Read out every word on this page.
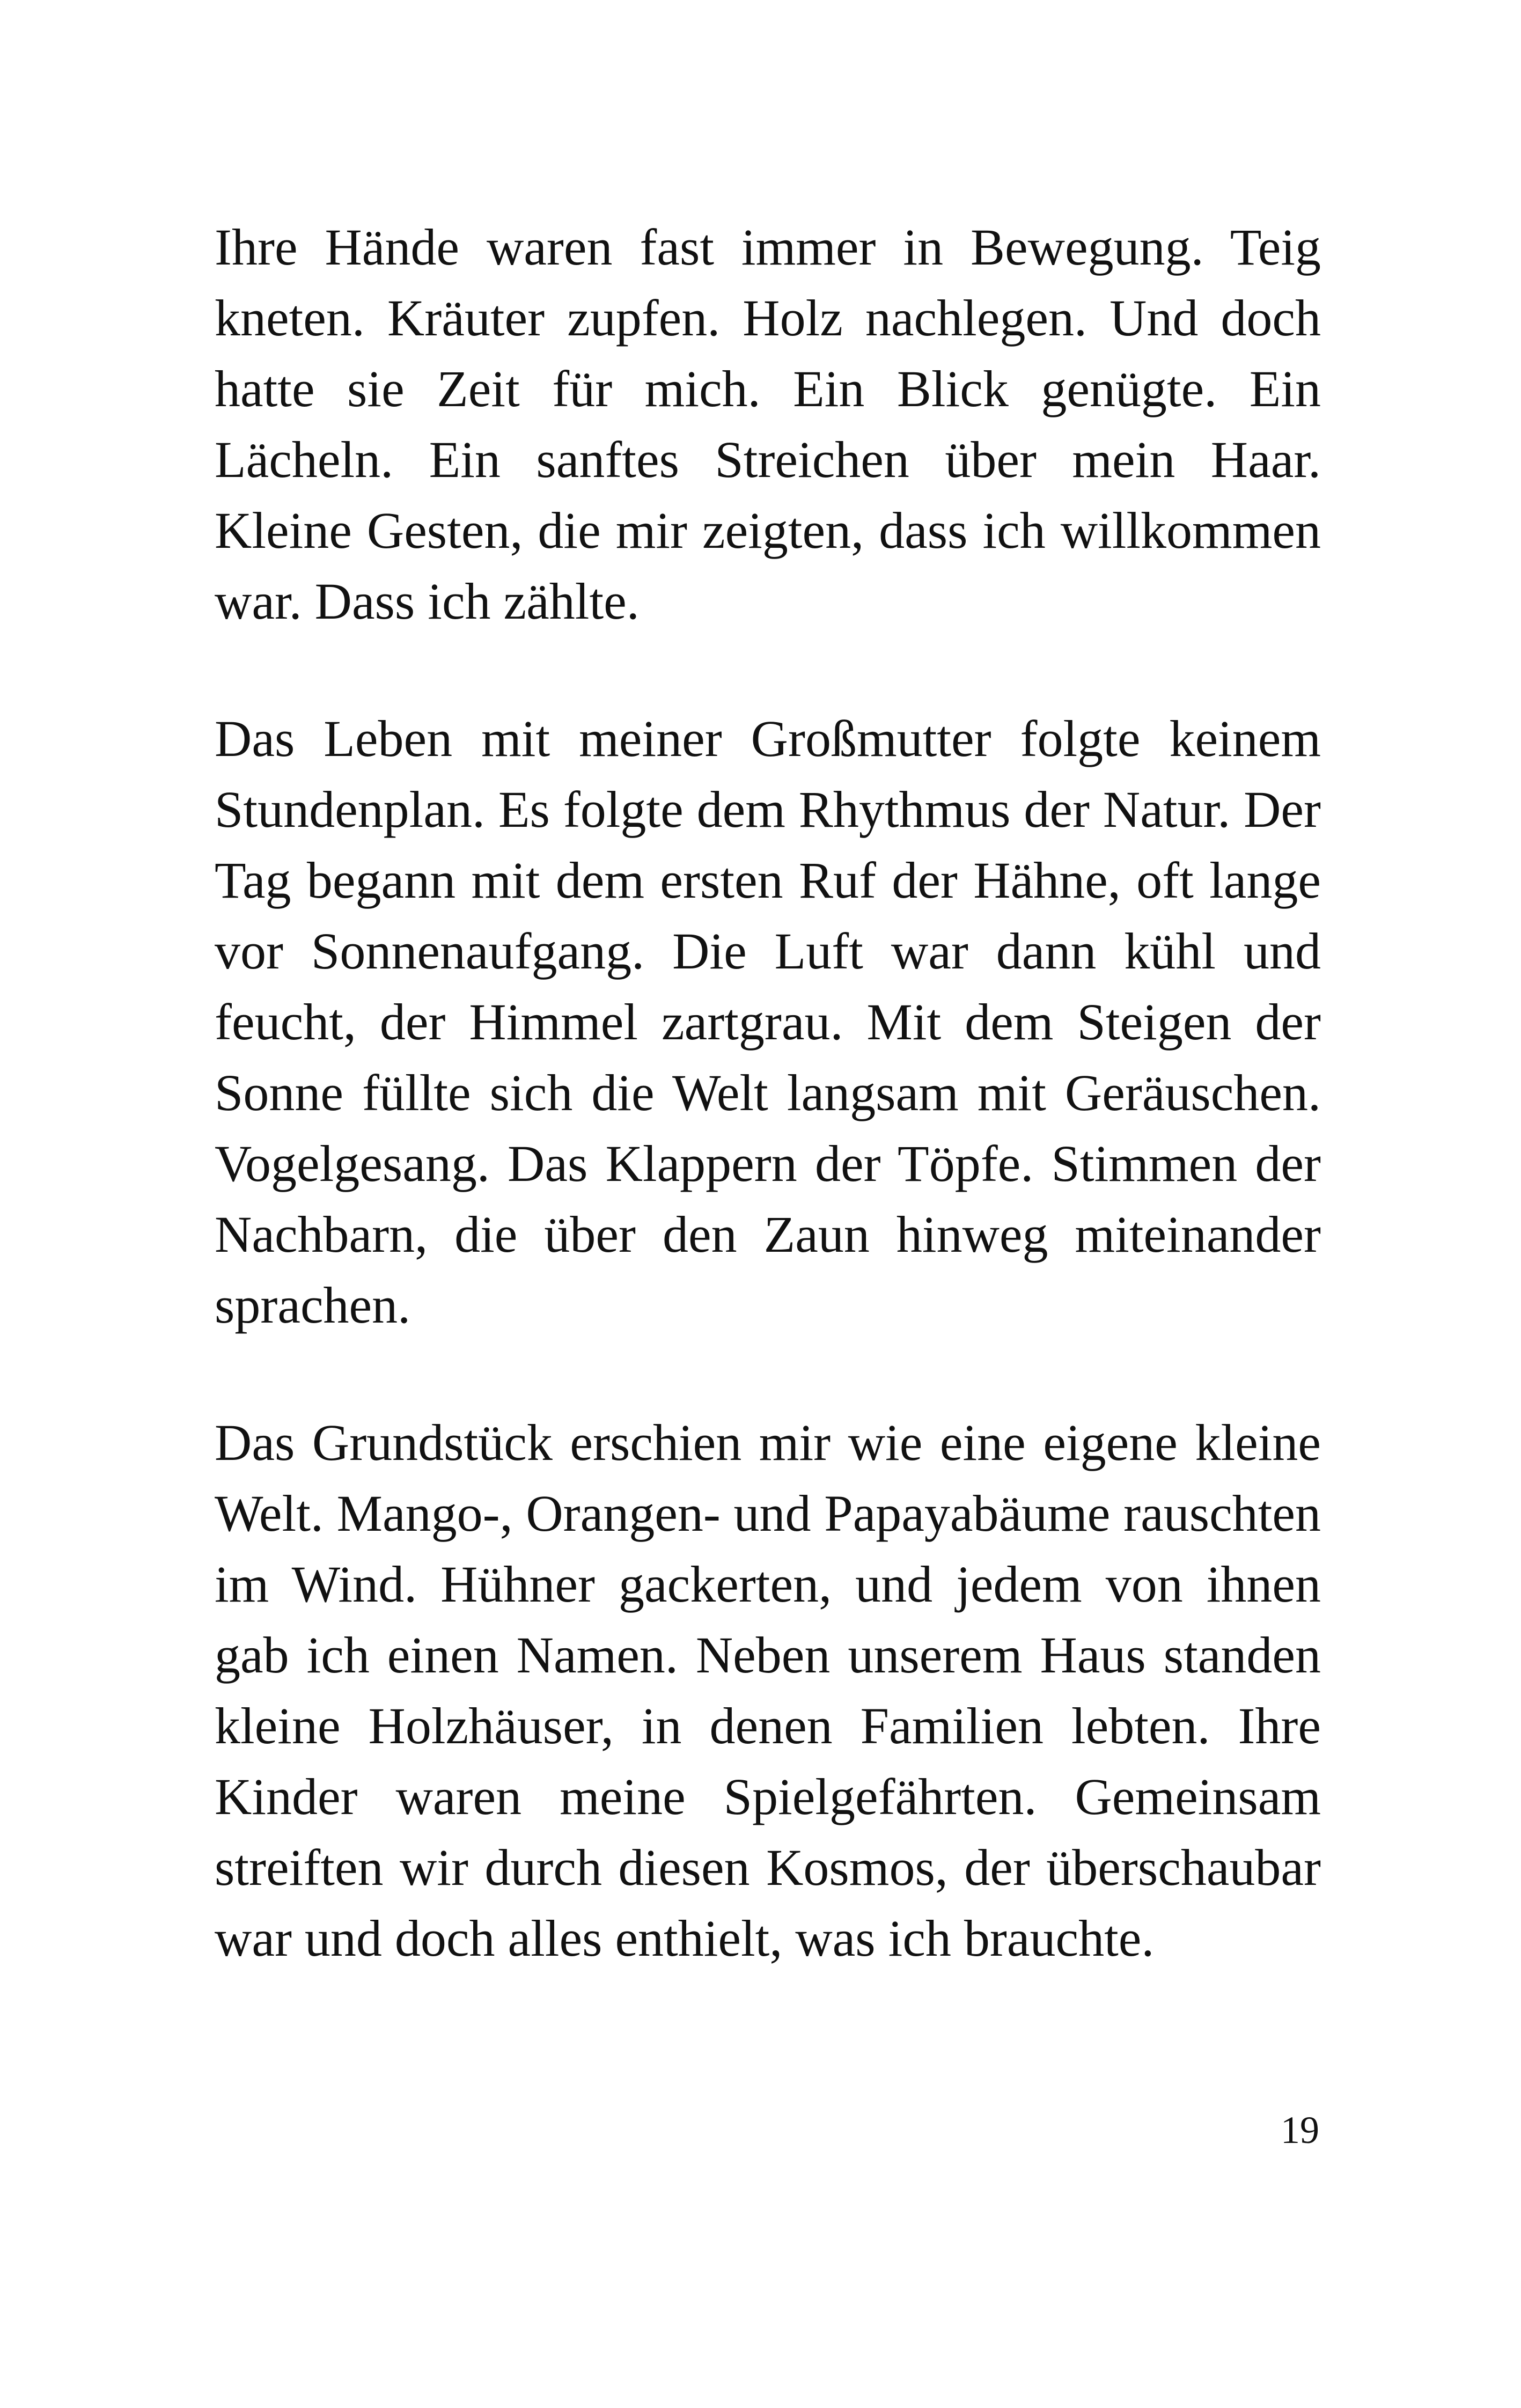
Ihre Hände waren fast immer in Bewegung. Teig kneten. Kräuter zupfen. Holz nachlegen. Und doch hatte sie Zeit für mich. Ein Blick genügte. Ein Lächeln. Ein sanftes Streichen über mein Haar. Kleine Gesten, die mir zeigten, dass ich willkommen war. Dass ich zählte.

Das Leben mit meiner Großmutter folgte keinem Stundenplan. Es folgte dem Rhythmus der Natur. Der Tag begann mit dem ersten Ruf der Hähne, oft lange vor Sonnenaufgang. Die Luft war dann kühl und feucht, der Himmel zartgrau. Mit dem Steigen der Sonne füllte sich die Welt langsam mit Geräuschen. Vogelgesang. Das Klappern der Töpfe. Stimmen der Nachbarn, die über den Zaun hinweg miteinander sprachen.

Das Grundstück erschien mir wie eine eigene kleine Welt. Mango-, Orangen- und Papayabäume rauschten im Wind. Hühner gackerten, und jedem von ihnen gab ich einen Namen. Neben unserem Haus standen kleine Holzhäuser, in denen Familien lebten. Ihre Kinder waren meine Spielgefährten. Gemeinsam streiften wir durch diesen Kosmos, der überschaubar war und doch alles enthielt, was ich brauchte.

19
